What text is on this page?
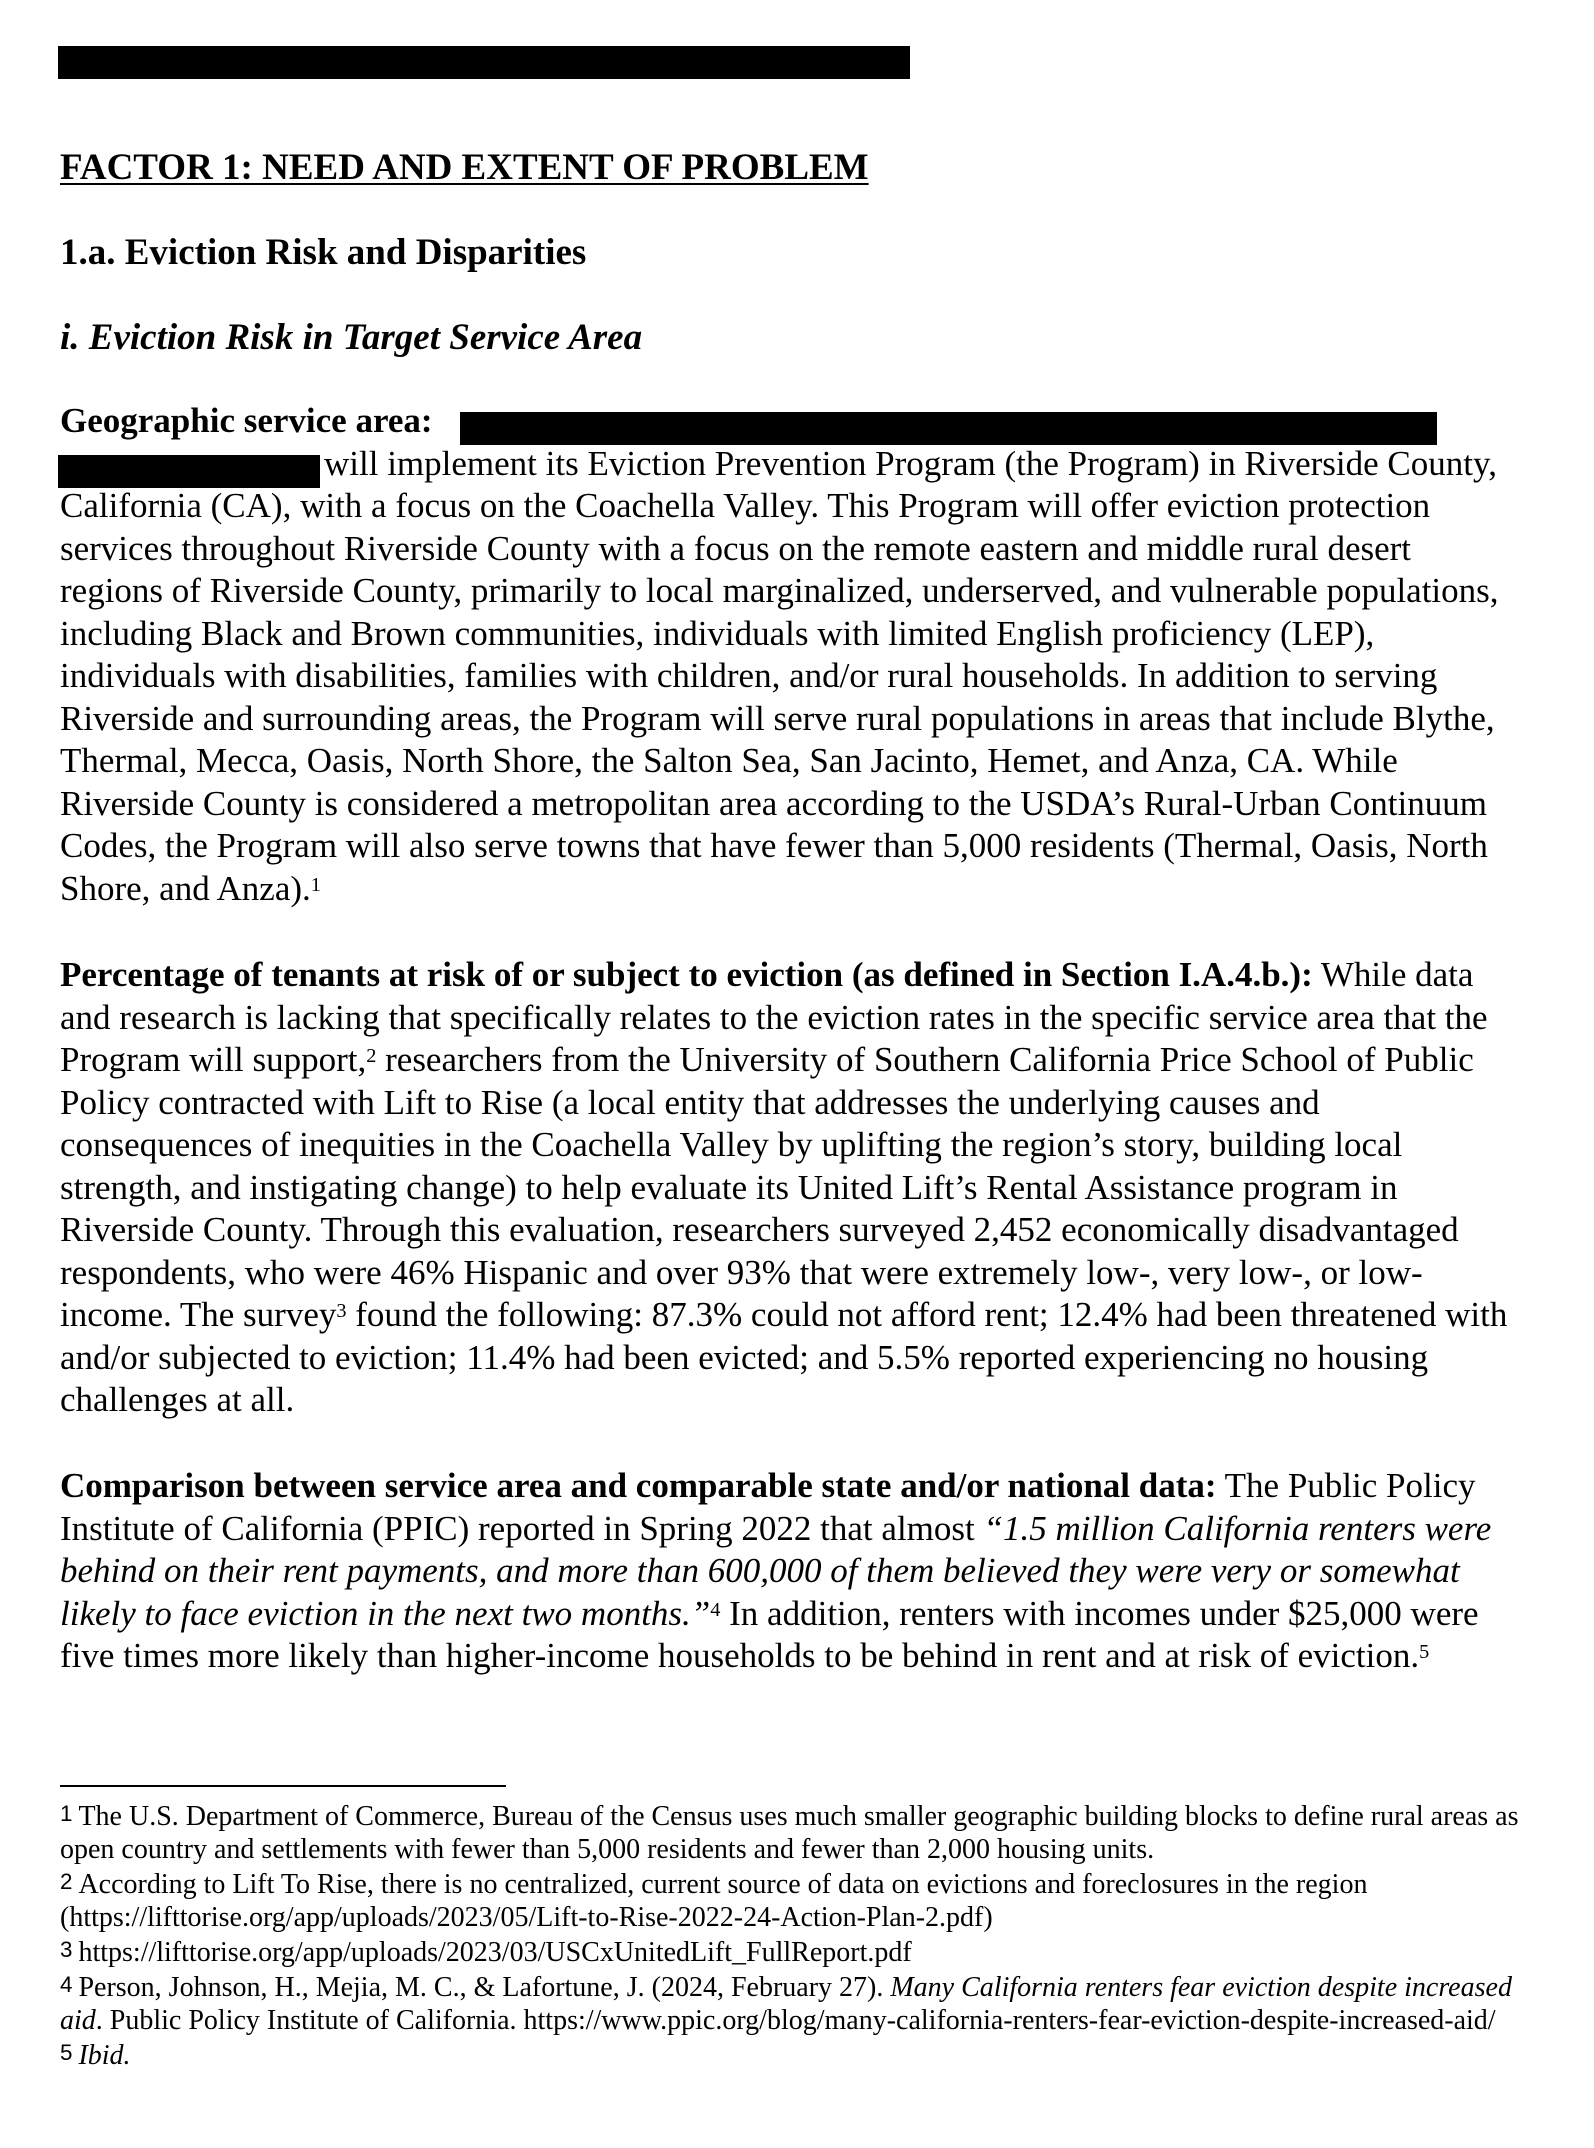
FACTOR 1: NEED AND EXTENT OF PROBLEM
1.a. Eviction Risk and Disparities
i. Eviction Risk in Target Service Area

Geographic service area:
will implement its Eviction Prevention Program (the Program) in Riverside County, California (CA), with a focus on the Coachella Valley. This Program will offer eviction protection services throughout Riverside County with a focus on the remote eastern and middle rural desert regions of Riverside County, primarily to local marginalized, underserved, and vulnerable populations, including Black and Brown communities, individuals with limited English proficiency (LEP), individuals with disabilities, families with children, and/or rural households. In addition to serving Riverside and surrounding areas, the Program will serve rural populations in areas that include Blythe, Thermal, Mecca, Oasis, North Shore, the Salton Sea, San Jacinto, Hemet, and Anza, CA. While Riverside County is considered a metropolitan area according to the USDA’s Rural-Urban Continuum Codes, the Program will also serve towns that have fewer than 5,000 residents (Thermal, Oasis, North Shore, and Anza).$^1$

Percentage of tenants at risk of or subject to eviction (as defined in Section I.A.4.b.): While data and research is lacking that specifically relates to the eviction rates in the specific service area that the Program will support,$^2$ researchers from the University of Southern California Price School of Public Policy contracted with Lift to Rise (a local entity that addresses the underlying causes and consequences of inequities in the Coachella Valley by uplifting the region’s story, building local strength, and instigating change) to help evaluate its United Lift’s Rental Assistance program in Riverside County. Through this evaluation, researchers surveyed 2,452 economically disadvantaged respondents, who were 46% Hispanic and over 93% that were extremely low-, very low-, or low-income. The survey$^3$ found the following: 87.3% could not afford rent; 12.4% had been threatened with and/or subjected to eviction; 11.4% had been evicted; and 5.5% reported experiencing no housing challenges at all.

Comparison between service area and comparable state and/or national data: The Public Policy Institute of California (PPIC) reported in Spring 2022 that almost “1.5 million California renters were behind on their rent payments, and more than 600,000 of them believed they were very or somewhat likely to face eviction in the next two months.”$^4$ In addition, renters with incomes under $25,000 were five times more likely than higher-income households to be behind in rent and at risk of eviction.$^5$

$^1$ The U.S. Department of Commerce, Bureau of the Census uses much smaller geographic building blocks to define rural areas as open country and settlements with fewer than 5,000 residents and fewer than 2,000 housing units.

$^2$ According to Lift To Rise, there is no centralized, current source of data on evictions and foreclosures in the region (https://lifttorise.org/app/uploads/2023/05/Lift-to-Rise-2022-24-Action-Plan-2.pdf)

$^3$ https://lifttorise.org/app/uploads/2023/03/USCxUnitedLift_FullReport.pdf

$^4$ Person, Johnson, H., Mejia, M. C., & Lafortune, J. (2024, February 27). Many California renters fear eviction despite increased aid. Public Policy Institute of California. https://www.ppic.org/blog/many-california-renters-fear-eviction-despite-increased-aid/

$^5$ Ibid.
